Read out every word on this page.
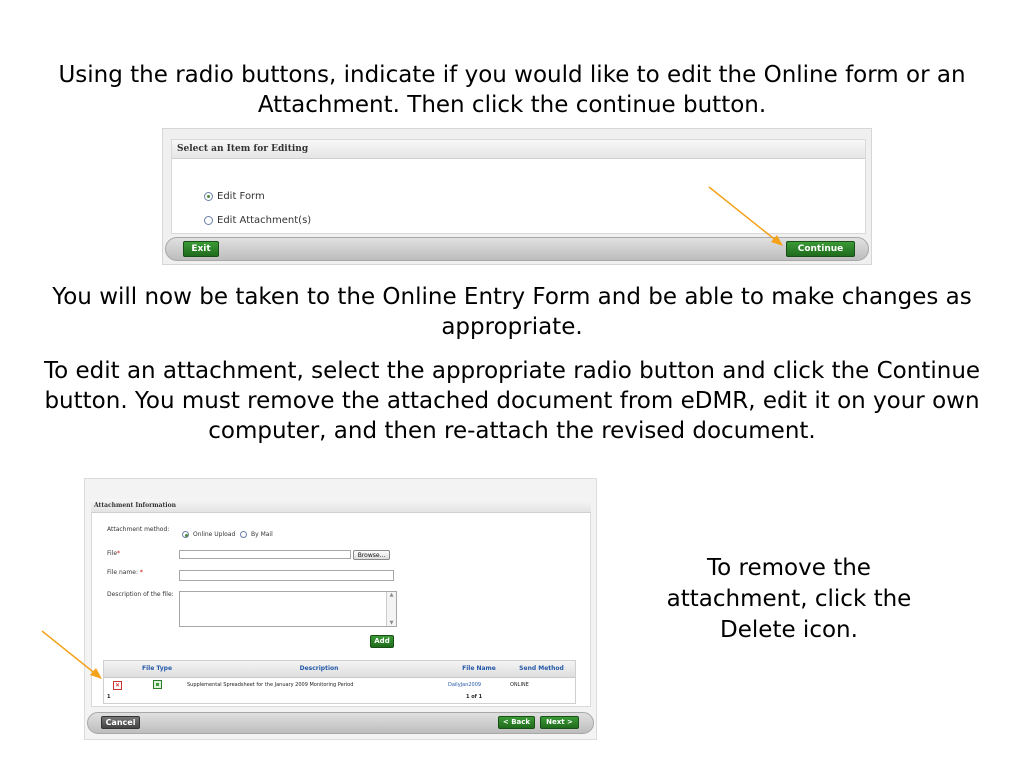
Using the radio buttons, indicate if you would like to edit the Online form or an Attachment. Then click the continue button.
Select an Item for Editing
Edit Form
Edit Attachment(s)
Exit	Continue
You will now be taken to the Online Entry Form and be able to make changes as appropriate.
To edit an attachment, select the appropriate radio button and click the Continue button. You must remove the attached document from eDMR, edit it on your own computer, and then re-attach the revised document.
Attachment Information
Attachment method:
Online Upload	By Mail
File*	Browse...
File name: *
Description of the file:	▲
▼
Add
File Type	Description	File Name	Send Method
✕	Supplemental Spreadsheet for the January 2009 Monitoring Period	DailyJan2009	ONLINE
1	1 of 1
Cancel	< Back	Next >
To remove the attachment, click the Delete icon.
